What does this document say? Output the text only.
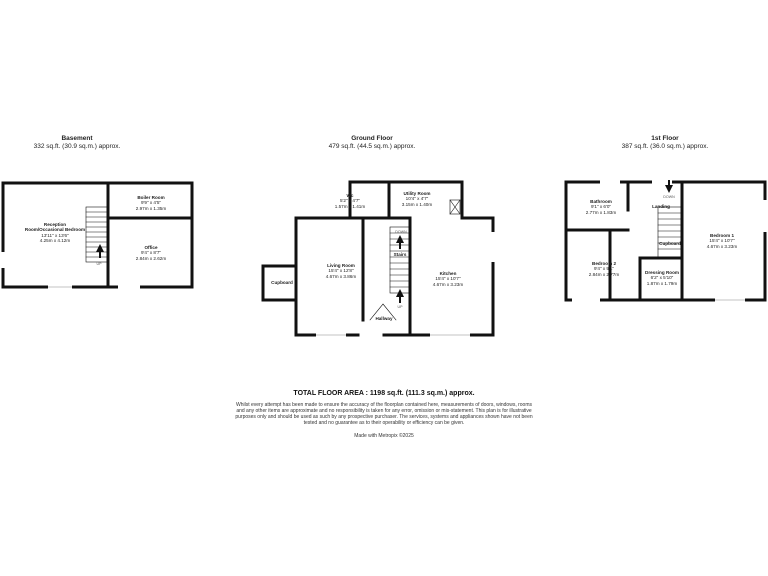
Basement
332 sq.ft. (30.9 sq.m.) approx.
Ground Floor
479 sq.ft. (44.5 sq.m.) approx.
1st Floor
387 sq.ft. (36.0 sq.m.) approx.
Reception
Room/Occasional Bedroom
13'11" x 13'6"
4.25m x 4.12m
Boiler Room
9'9" x 4'5"
2.97m x 1.35m
Office
9'4" x 8'7"
2.84m x 2.62m
UP
Wc
5'2" x 4'7"
1.57m x 1.41m
Utility Room
10'4" x 4'7"
3.15m x 1.40m
Living Room
15'4" x 12'8"
4.67m x 3.86m
Kitchen
15'4" x 10'7"
4.67m x 3.23m
Cupboard
Stairs
Hallway
DOWN
UP
Bathroom
9'1" x 6'0"
2.77m x 1.83m
Bedroom 1
15'4" x 10'7"
4.67m x 3.23m
Bedroom 2
9'4" x 9'1"
2.84m x 2.77m	Dressing Room
6'2" x 5'10"
1.87m x 1.79m
Landing
Cupboard
DOWN
TOTAL FLOOR AREA : 1198 sq.ft. (111.3 sq.m.) approx.
Whilst every attempt has been made to ensure the accuracy of the floorplan contained here, measurements of doors, windows, rooms and any other items are approximate and no responsibility is taken for any error, omission or mis-statement. This plan is for illustrative purposes only and should be used as such by any prospective purchaser. The services, systems and appliances shown have not been tested and no guarantee as to their operability or efficiency can be given.
Made with Metropix ©2025
